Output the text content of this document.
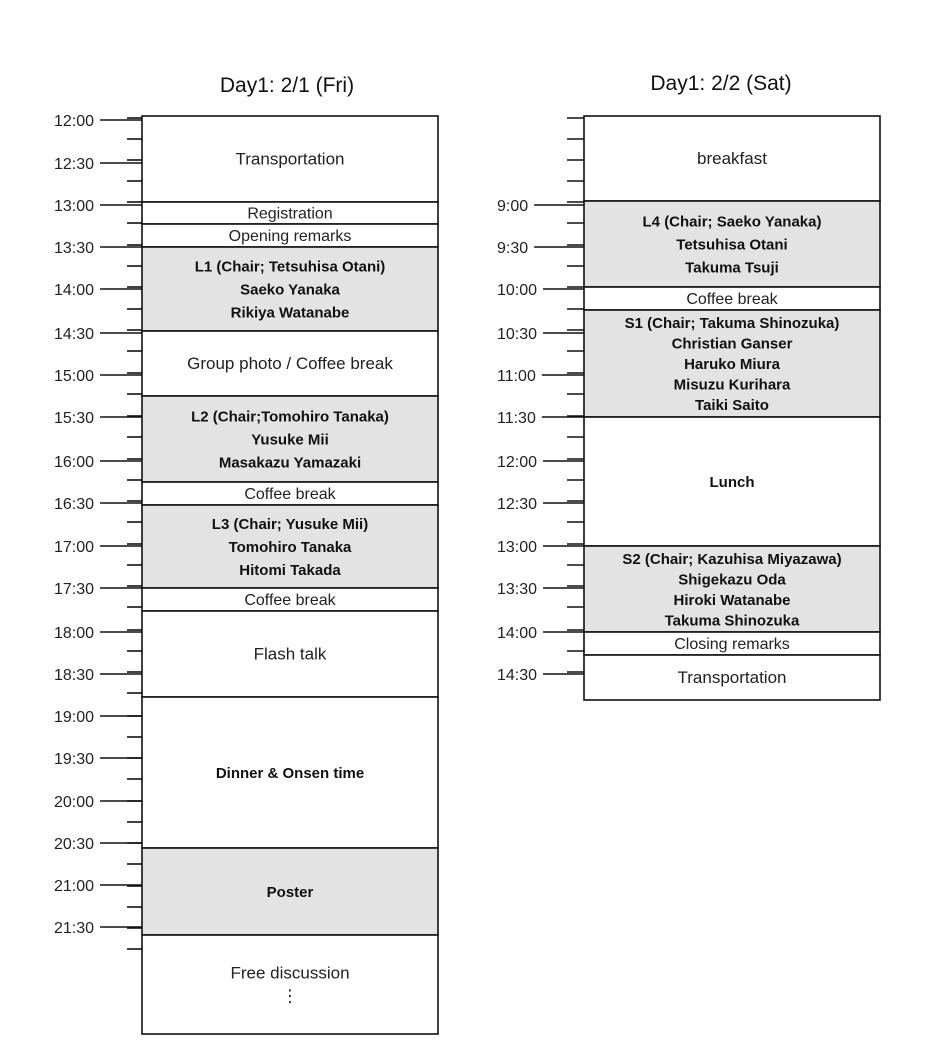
Day1: 2/1 (Fri)	Day1: 2/2 (Sat)
12:00
12:30
13:00
13:30
14:00
14:30
15:00
15:30
16:00
16:30
17:00
17:30
18:00
18:30
19:00
19:30
20:00
20:30
21:00
21:30
Transportation
Registration
Opening remarks
L1 (Chair; Tetsuhisa Otani)
Saeko Yanaka
Rikiya Watanabe
Group photo / Coffee break
L2 (Chair;Tomohiro Tanaka)
Yusuke Mii
Masakazu Yamazaki
Coffee break
L3 (Chair; Yusuke Mii)
Tomohiro Tanaka
Hitomi Takada
Coffee break
Flash talk
Dinner & Onsen time
Poster
Free discussion
⋮
9:00
9:30
10:00
10:30
11:00
11:30
12:00
12:30
13:00
13:30
14:00
14:30
breakfast
L4 (Chair; Saeko Yanaka)
Tetsuhisa Otani
Takuma Tsuji
Coffee break
S1 (Chair; Takuma Shinozuka)
Christian Ganser
Haruko Miura
Misuzu Kurihara
Taiki Saito
Lunch
S2 (Chair; Kazuhisa Miyazawa)
Shigekazu Oda
Hiroki Watanabe
Takuma Shinozuka
Closing remarks
Transportation
